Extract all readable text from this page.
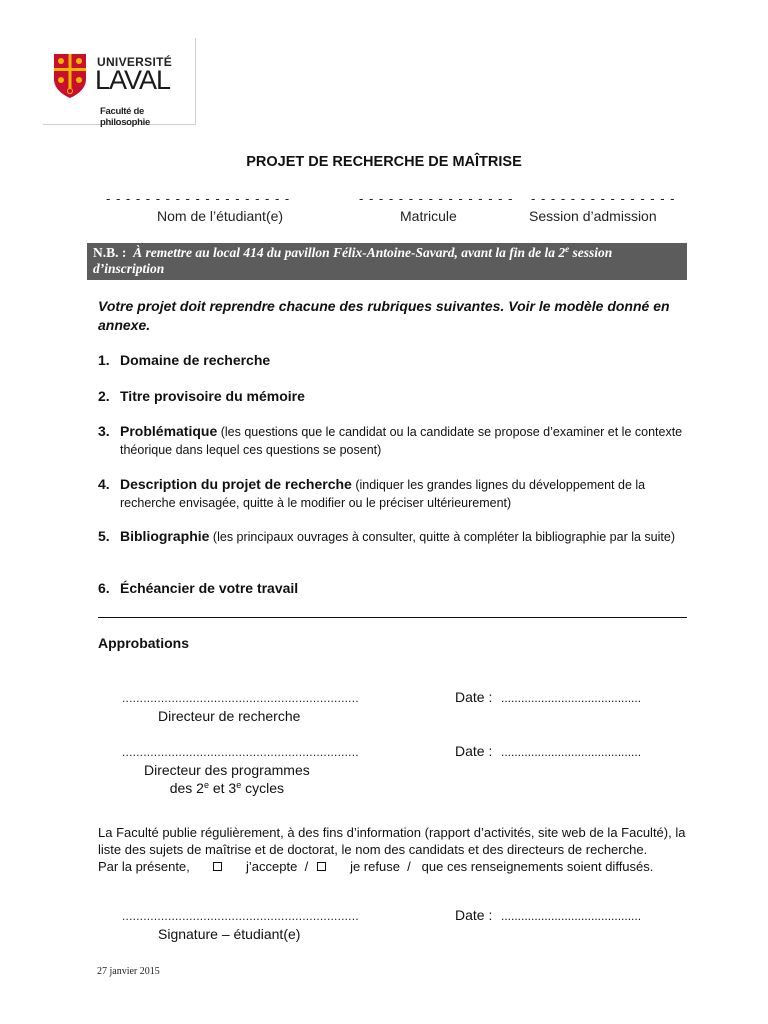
UNIVERSITÉ
LAVAL
Faculté de philosophie
PROJET DE RECHERCHE DE MAÎTRISE
- - - - - - - - - - - - - - - - - - -	- - - - - - - - - - - - - - - - - - - - - - - - - - - - - - -
Nom de l’étudiant(e)	Matricule	Session d’admission
N.B. : À remettre au local 414 du pavillon Félix-Antoine-Savard, avant la fin de la 2e session d’inscription
Votre projet doit reprendre chacune des rubriques suivantes. Voir le modèle donné en annexe.
1. Domaine de recherche
2. Titre provisoire du mémoire
3. Problématique (les questions que le candidat ou la candidate se propose d’examiner et le contexte théorique dans lequel ces questions se posent)
4. Description du projet de recherche (indiquer les grandes lignes du développement de la recherche envisagée, quitte à le modifier ou le préciser ultérieurement)
5. Bibliographie (les principaux ouvrages à consulter, quitte à compléter la bibliographie par la suite)
6. Échéancier de votre travail
Approbations
...................................................................	Date : ..........................................
Directeur de recherche
...................................................................	Date : ..........................................
Directeur des programmes
des 2e et 3e cycles
La Faculté publie régulièrement, à des fins d’information (rapport d’activités, site web de la Faculté), la liste des sujets de maîtrise et de doctorat, le nom des candidats et des directeurs de recherche.
Par la présente,	j’accepte /	je refuse / que ces renseignements soient diffusés.
...................................................................	Date : ..........................................
Signature – étudiant(e)
27 janvier 2015
